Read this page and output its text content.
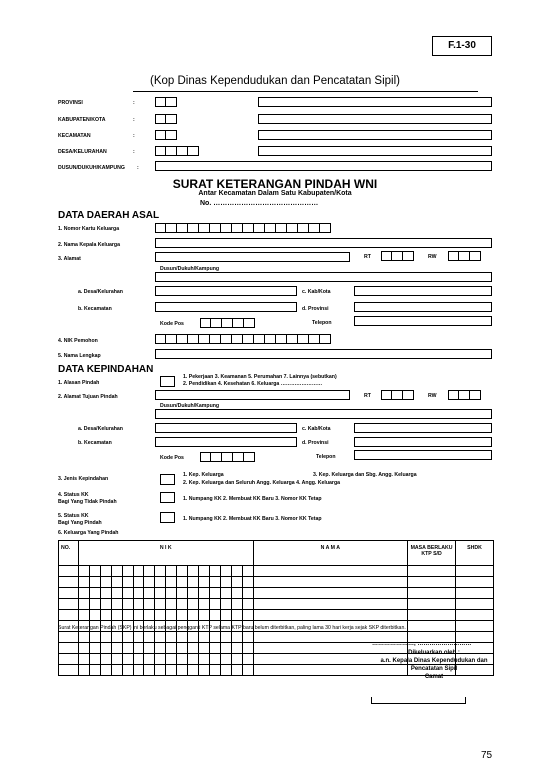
F.1-30
(Kop Dinas Kependudukan dan Pencatatan Sipil)
PROVINSI	:
KABUPATEN/KOTA	:
KECAMATAN	:
DESA/KELURAHAN	:
DUSUN/DUKUH/KAMPUNG :
SURAT KETERANGAN PINDAH WNI
Antar Kecamatan Dalam Satu Kabupaten/Kota
No. ………………………………………
DATA DAERAH ASAL
1. Nomor Kartu Keluarga
2. Nama Kepala Keluarga
3. Alamat	RT	RW
Dusun/Dukuh/Kampung
a. Desa/Kelurahan	c. Kab/Kota
b. Kecamatan	d. Provinsi
Kode Pos	Telepon
4. NIK Pemohon
5. Nama Lengkap
DATA KEPINDAHAN
1. Alasan Pindah
1. Pekerjaan 3. Keamanan 5. Perumahan 7. Lainnya (sebutkan)
2. Pendidikan 4. Kesehatan 6. Keluarga ……………………
2. Alamat Tujuan Pindah	RT	RW
Dusun/Dukuh/Kampung
a. Desa/Kelurahan	c. Kab/Kota
b. Kecamatan	d. Provinsi
Kode Pos	Telepon
3. Jenis Kepindahan
1. Kep. Keluarga	3. Kep. Keluarga dan Sbg. Angg. Keluarga
2. Kep. Keluarga dan Seluruh Angg. Keluarga 4. Angg. Keluarga
4. Status KK
Bagi Yang Tidak Pindah	1. Numpang KK 2. Membuat KK Baru 3. Nomor KK Tetap
5. Status KK
Bagi Yang Pindah
1. Numpang KK 2. Membuat KK Baru 3. Nomor KK Tetap
6. Keluarga Yang Pindah
NO.	N I K	N A M A	MASA BERLAKU KTP S/D	SHDK

Surat Keterangan Pindah (SKP) ini berlaku sebagai pengganti KTP selama KTP baru belum diterbitkan, paling lama 30 hari kerja sejak SKP diterbitkan.
…………………, ………………………
Dikeluarkan oleh :
a.n. Kepala Dinas Kependudukan dan
Pencatatan Sipil
Camat
75
